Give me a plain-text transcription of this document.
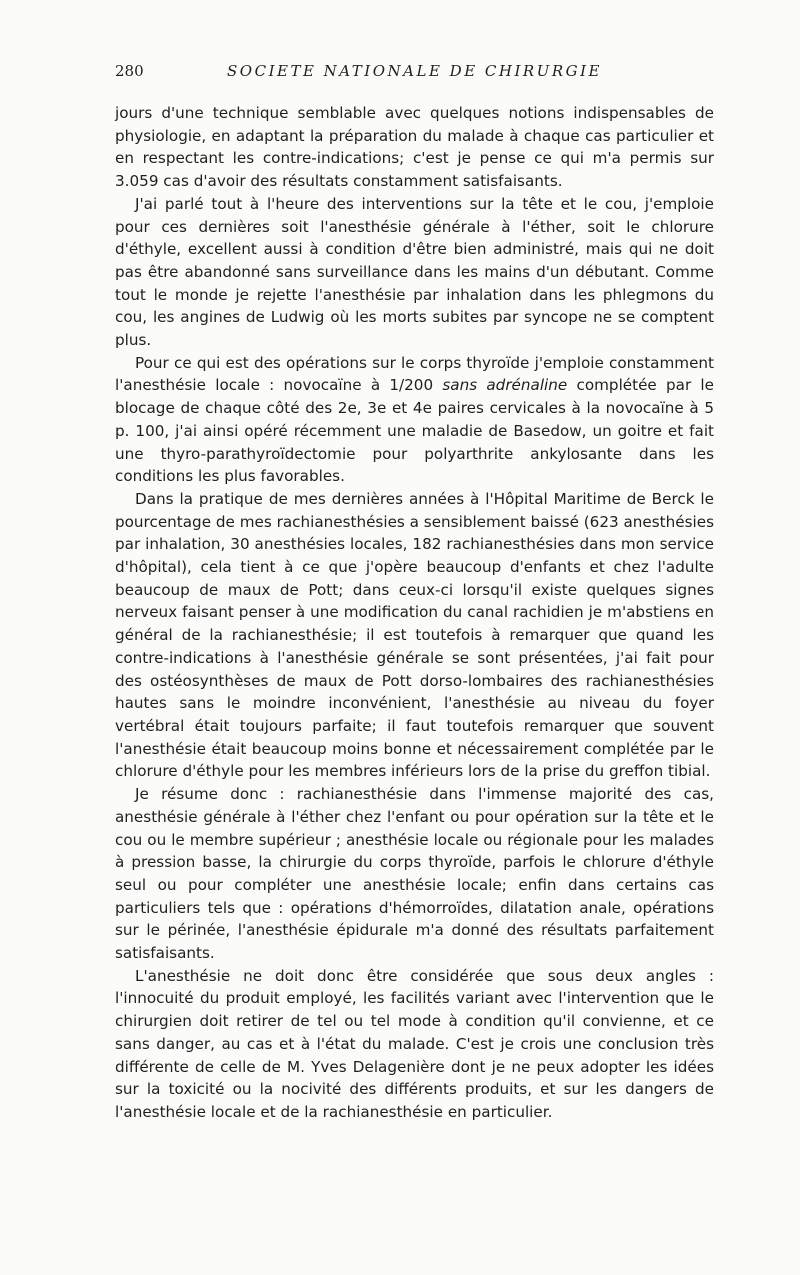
280	SOCIETE NATIONALE DE CHIRURGIE

jours d'une technique semblable avec quelques notions indispensables de physiologie, en adaptant la préparation du malade à chaque cas particulier et en respectant les contre-indications; c'est je pense ce qui m'a permis sur 3.059 cas d'avoir des résultats constamment satisfaisants.

J'ai parlé tout à l'heure des interventions sur la tête et le cou, j'emploie pour ces dernières soit l'anesthésie générale à l'éther, soit le chlorure d'éthyle, excellent aussi à condition d'être bien administré, mais qui ne doit pas être abandonné sans surveillance dans les mains d'un débutant. Comme tout le monde je rejette l'anesthésie par inhalation dans les phlegmons du cou, les angines de Ludwig où les morts subites par syncope ne se comptent plus.

Pour ce qui est des opérations sur le corps thyroïde j'emploie constamment l'anesthésie locale : novocaïne à 1/200 sans adrénaline complétée par le blocage de chaque côté des 2e, 3e et 4e paires cervicales à la novocaïne à 5 p. 100, j'ai ainsi opéré récemment une maladie de Basedow, un goitre et fait une thyro-parathyroïdectomie pour polyarthrite ankylosante dans les conditions les plus favorables.

Dans la pratique de mes dernières années à l'Hôpital Maritime de Berck le pourcentage de mes rachianesthésies a sensiblement baissé (623 anesthésies par inhalation, 30 anesthésies locales, 182 rachianesthésies dans mon service d'hôpital), cela tient à ce que j'opère beaucoup d'enfants et chez l'adulte beaucoup de maux de Pott; dans ceux-ci lorsqu'il existe quelques signes nerveux faisant penser à une modification du canal rachidien je m'abstiens en général de la rachianesthésie; il est toutefois à remarquer que quand les contre-indications à l'anesthésie générale se sont présentées, j'ai fait pour des ostéosynthèses de maux de Pott dorso-lombaires des rachianesthésies hautes sans le moindre inconvénient, l'anesthésie au niveau du foyer vertébral était toujours parfaite; il faut toutefois remarquer que souvent l'anesthésie était beaucoup moins bonne et nécessairement complétée par le chlorure d'éthyle pour les membres inférieurs lors de la prise du greffon tibial.

Je résume donc : rachianesthésie dans l'immense majorité des cas, anesthésie générale à l'éther chez l'enfant ou pour opération sur la tête et le cou ou le membre supérieur ; anesthésie locale ou régionale pour les malades à pression basse, la chirurgie du corps thyroïde, parfois le chlorure d'éthyle seul ou pour compléter une anesthésie locale; enfin dans certains cas particuliers tels que : opérations d'hémorroïdes, dilatation anale, opérations sur le périnée, l'anesthésie épidurale m'a donné des résultats parfaitement satisfaisants.

L'anesthésie ne doit donc être considérée que sous deux angles : l'innocuité du produit employé, les facilités variant avec l'intervention que le chirurgien doit retirer de tel ou tel mode à condition qu'il convienne, et ce sans danger, au cas et à l'état du malade. C'est je crois une conclusion très différente de celle de M. Yves Delagenière dont je ne peux adopter les idées sur la toxicité ou la nocivité des différents produits, et sur les dangers de l'anesthésie locale et de la rachianesthésie en particulier.
